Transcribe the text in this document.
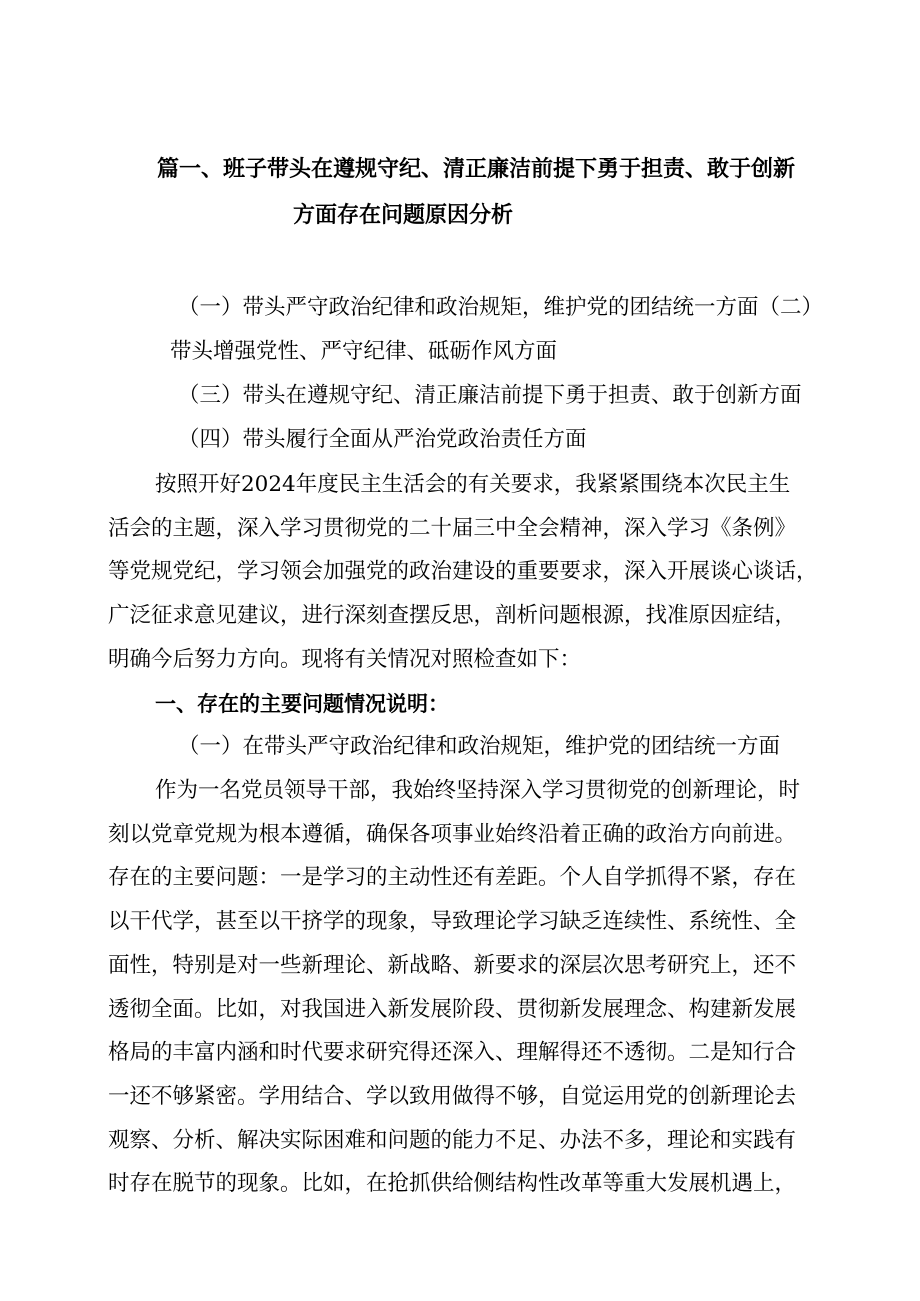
篇一、班子带头在遵规守纪、清正廉洁前提下勇于担责、敢于创新
方面存在问题原因分析
（一）带头严守政治纪律和政治规矩，维护党的团结统一方面（二）
带头增强党性、严守纪律、砥砺作风方面
（三）带头在遵规守纪、清正廉洁前提下勇于担责、敢于创新方面
（四）带头履行全面从严治党政治责任方面
按照开好2024年度民主生活会的有关要求，我紧紧围绕本次民主生
活会的主题，深入学习贯彻党的二十届三中全会精神，深入学习《条例》
等党规党纪，学习领会加强党的政治建设的重要要求，深入开展谈心谈话，
广泛征求意见建议，进行深刻查摆反思，剖析问题根源，找准原因症结，
明确今后努力方向。现将有关情况对照检查如下：
一、存在的主要问题情况说明：
（一）在带头严守政治纪律和政治规矩，维护党的团结统一方面
作为一名党员领导干部，我始终坚持深入学习贯彻党的创新理论，时
刻以党章党规为根本遵循，确保各项事业始终沿着正确的政治方向前进。
存在的主要问题：一是学习的主动性还有差距。个人自学抓得不紧，存在
以干代学，甚至以干挤学的现象，导致理论学习缺乏连续性、系统性、全
面性，特别是对一些新理论、新战略、新要求的深层次思考研究上，还不
透彻全面。比如，对我国进入新发展阶段、贯彻新发展理念、构建新发展
格局的丰富内涵和时代要求研究得还深入、理解得还不透彻。二是知行合
一还不够紧密。学用结合、学以致用做得不够，自觉运用党的创新理论去
观察、分析、解决实际困难和问题的能力不足、办法不多，理论和实践有
时存在脱节的现象。比如，在抢抓供给侧结构性改革等重大发展机遇上，
